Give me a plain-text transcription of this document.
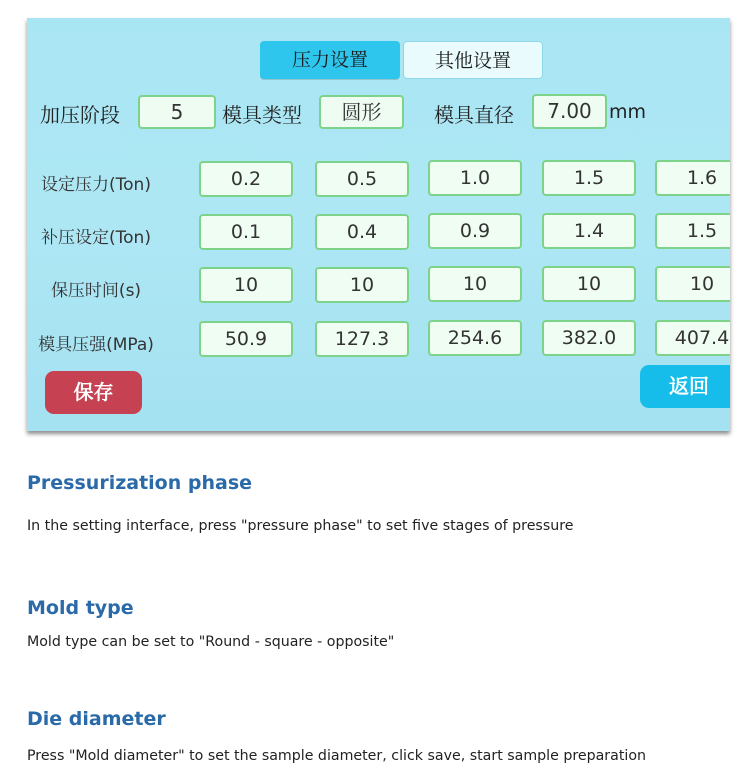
压力设置	其他设置
加压阶段	5	模具类型	圆形	模具直径	7.00 mm
设定压力(Ton)	0.2	0.5	1.0	1.5	1.6
补压设定(Ton)	0.1	0.4	0.9	1.4	1.5
保压时间(s)	10	10	10	10	10
模具压强(MPa)	50.9	127.3	254.6	382.0	407.4
保存	返回
Pressurization phase
In the setting interface, press "pressure phase" to set five stages of pressure
Mold type
Mold type can be set to "Round - square - opposite"
Die diameter
Press "Mold diameter" to set the sample diameter, click save, start sample preparation
